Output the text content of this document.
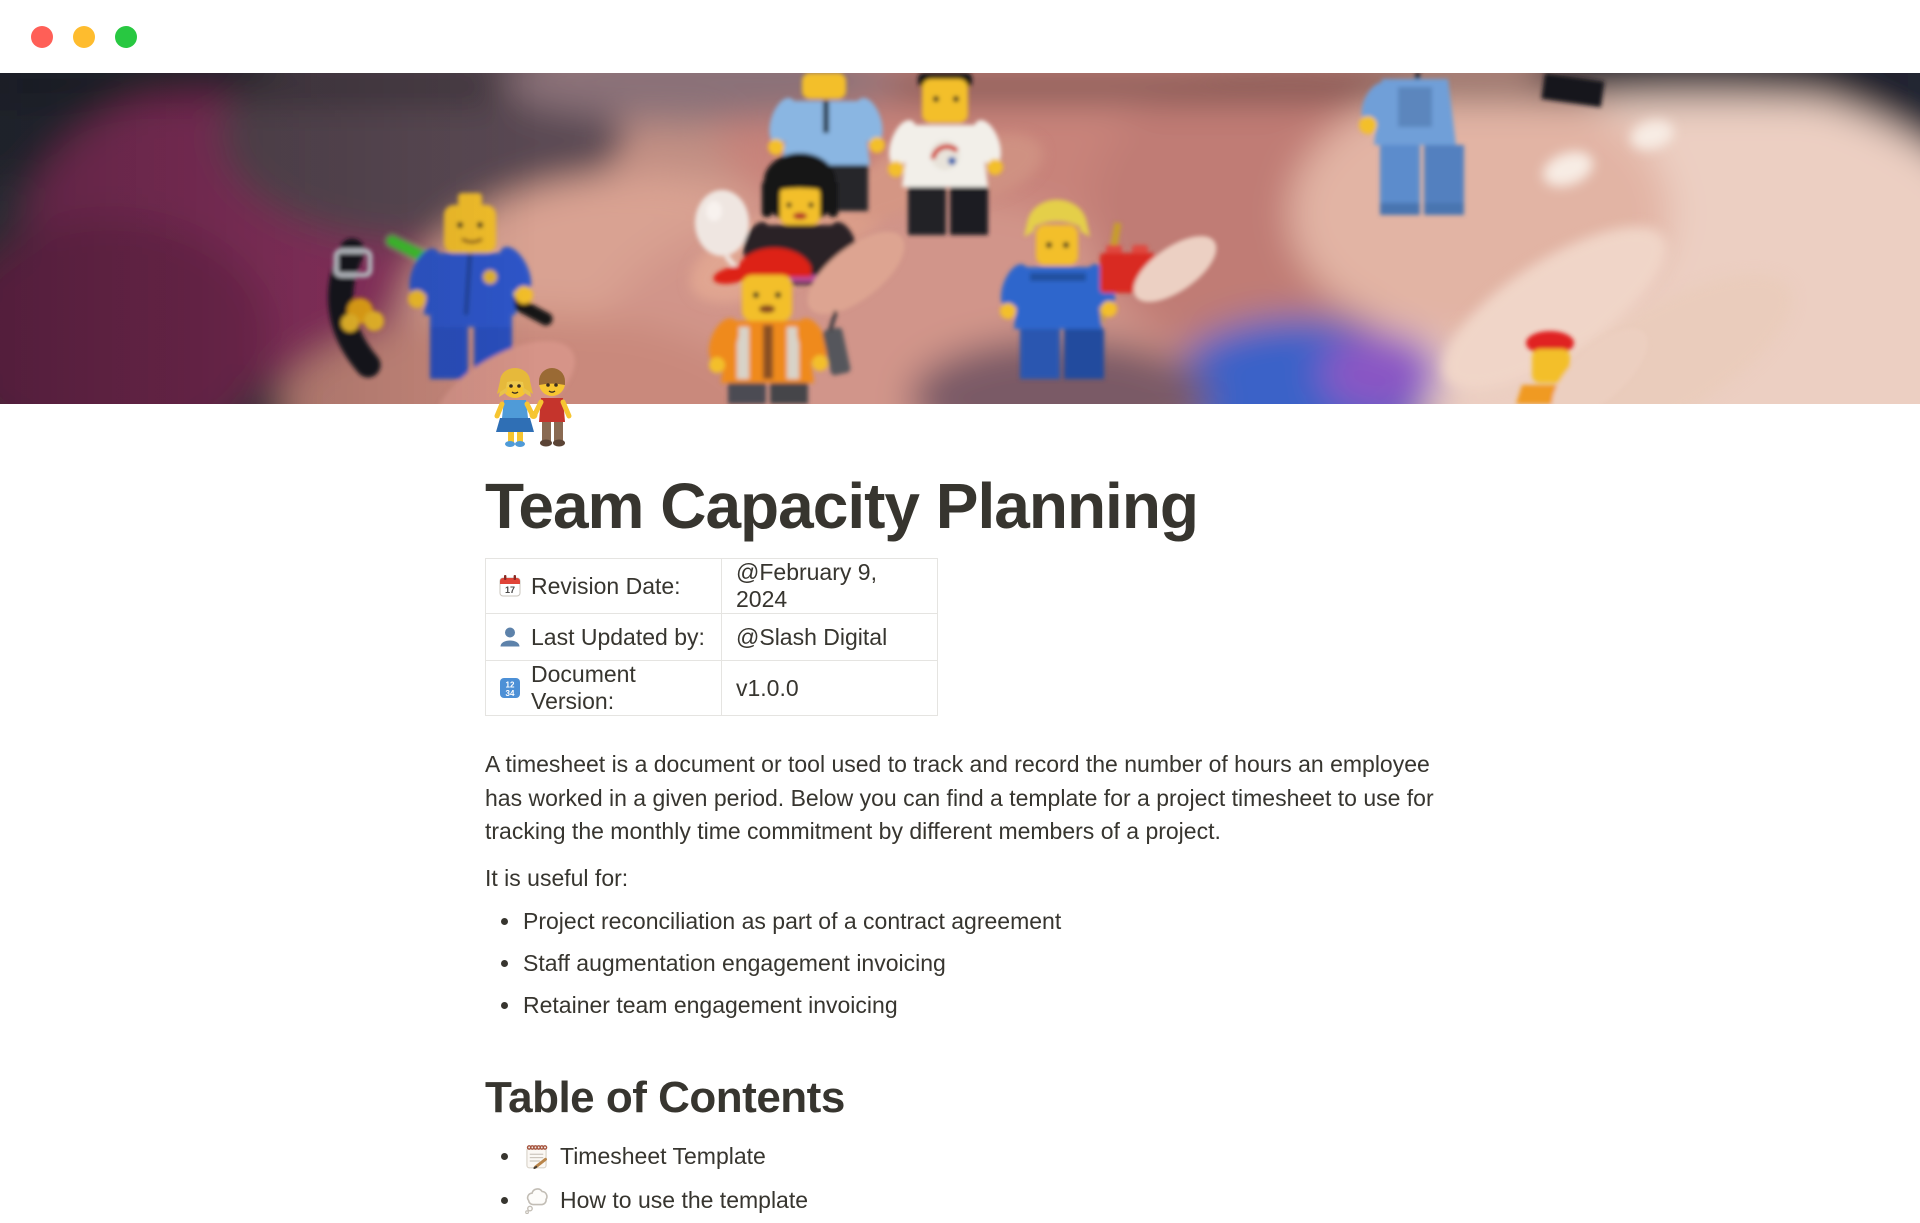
Team Capacity Planning
17 Revision Date:	@February 9, 2024

Last Updated by:	@Slash Digital

12
34
Document Version:	v1.0.0

A timesheet is a document or tool used to track and record the number of hours an employee has worked in a given period. Below you can find a template for a project timesheet to use for tracking the monthly time commitment by different members of a project.

It is useful for:

Project reconciliation as part of a contract agreement
Staff augmentation engagement invoicing
Retainer team engagement invoicing
Table of Contents
Timesheet Template
How to use the template
